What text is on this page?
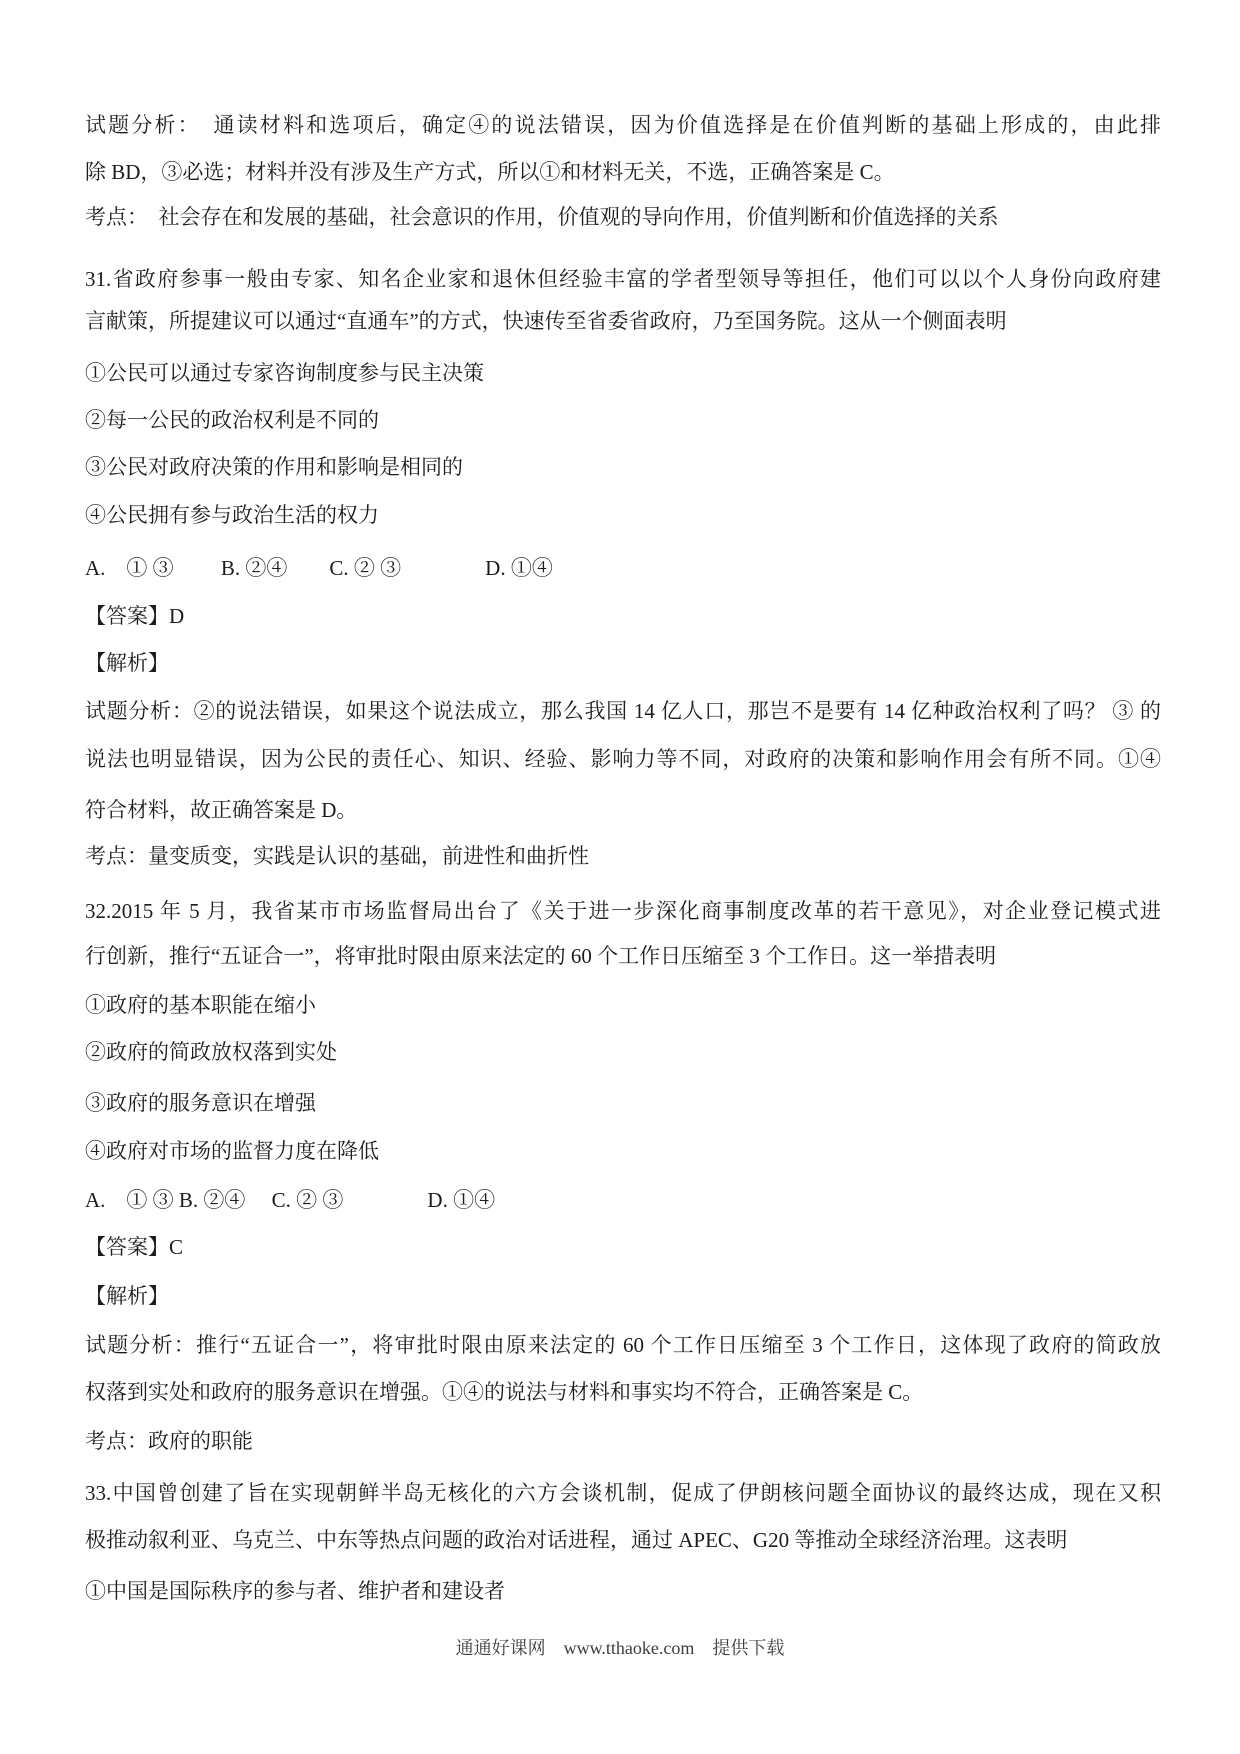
试题分析：　通读材料和选项后，确定④的说法错误，因为价值选择是在价值判断的基础上形成的，由此排
除 BD，③必选；材料并没有涉及生产方式，所以①和材料无关，不选，正确答案是 C。
考点：　社会存在和发展的基础，社会意识的作用，价值观的导向作用，价值判断和价值选择的关系
31.省政府参事一般由专家、知名企业家和退休但经验丰富的学者型领导等担任，他们可以以个人身份向政府建
言献策，所提建议可以通过“直通车”的方式，快速传至省委省政府，乃至国务院。这从一个侧面表明
①公民可以通过专家咨询制度参与民主决策
②每一公民的政治权利是不同的
③公民对政府决策的作用和影响是相同的
④公民拥有参与政治生活的权力
A.　① ③　　 B. ②④　　C. ② ③　　　　D. ①④
【答案】D
【解析】
试题分析：②的说法错误，如果这个说法成立，那么我国 14 亿人口，那岂不是要有 14 亿种政治权利了吗？ ③ 的
说法也明显错误，因为公民的责任心、知识、经验、影响力等不同，对政府的决策和影响作用会有所不同。①④
符合材料，故正确答案是 D。
考点：量变质变，实践是认识的基础，前进性和曲折性
32.2015 年 5 月，我省某市市场监督局出台了《关于进一步深化商事制度改革的若干意见》，对企业登记模式进
行创新，推行“五证合一”，将审批时限由原来法定的 60 个工作日压缩至 3 个工作日。这一举措表明
①政府的基本职能在缩小
②政府的简政放权落到实处
③政府的服务意识在增强
④政府对市场的监督力度在降低
A.　① ③ B. ②④　 C. ② ③　　　　D. ①④
【答案】C
【解析】
试题分析：推行“五证合一”，将审批时限由原来法定的 60 个工作日压缩至 3 个工作日，这体现了政府的简政放
权落到实处和政府的服务意识在增强。①④的说法与材料和事实均不符合，正确答案是 C。
考点：政府的职能
33.中国曾创建了旨在实现朝鲜半岛无核化的六方会谈机制，促成了伊朗核问题全面协议的最终达成，现在又积
极推动叙利亚、乌克兰、中东等热点问题的政治对话进程，通过 APEC、G20 等推动全球经济治理。这表明
①中国是国际秩序的参与者、维护者和建设者
通通好课网　www.tthaoke.com　提供下载
